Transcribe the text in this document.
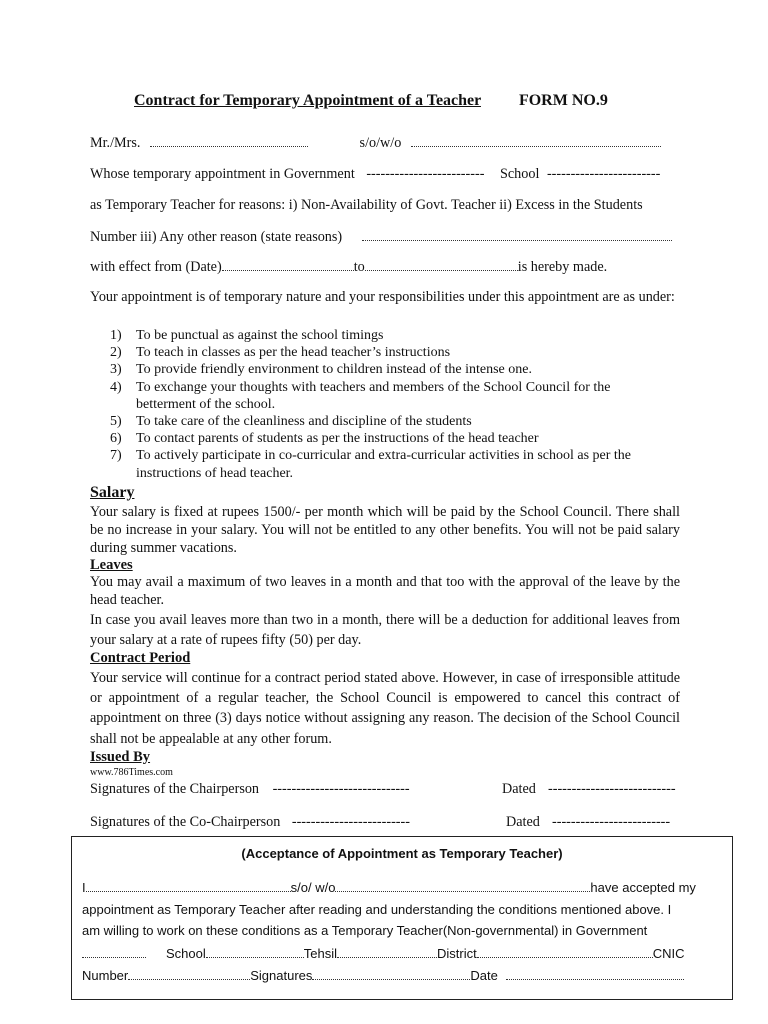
Contract for Temporary Appointment of a Teacher FORM NO.9
Mr./Mrs.	s/o/w/o
Whose temporary appointment in Government ------------------------- School ------------------------
as Temporary Teacher for reasons: i) Non-Availability of Govt. Teacher ii) Excess in the Students
Number iii) Any other reason (state reasons)
with effect from (Date)	to	is hereby made.
Your appointment is of temporary nature and your responsibilities under this appointment are as under:
1)	To be punctual as against the school timings
2)	To teach in classes as per the head teacher’s instructions
3)	To provide friendly environment to children instead of the intense one.
4)	To exchange your thoughts with teachers and members of the School Council for the betterment of the school.
5)	To take care of the cleanliness and discipline of the students
6)	To contact parents of students as per the instructions of the head teacher
7)	To actively participate in co-curricular and extra-curricular activities in school as per the instructions of head teacher.
Salary
Your salary is fixed at rupees 1500/- per month which will be paid by the School Council. There shall be no increase in your salary. You will not be entitled to any other benefits. You will not be paid salary during summer vacations.
Leaves

You may avail a maximum of two leaves in a month and that too with the approval of the leave by the head teacher.

In case you avail leaves more than two in a month, there will be a deduction for additional leaves from your salary at a rate of rupees fifty (50) per day.

Contract Period
Your service will continue for a contract period stated above. However, in case of irresponsible attitude or appointment of a regular teacher, the School Council is empowered to cancel this contract of appointment on three (3) days notice without assigning any reason. The decision of the School Council shall not be appealable at any other forum.
Issued By
www.786Times.com
Signatures of the Chairperson -----------------------------	Dated ---------------------------
Signatures of the Co-Chairperson -------------------------	Dated -------------------------
(Acceptance of Appointment as Temporary Teacher)
I	s/o/ w/o	have accepted my
appointment as Temporary Teacher after reading and understanding the conditions mentioned above. I
am willing to work on these conditions as a Temporary Teacher(Non-governmental) in Government
School	Tehsil	District	CNIC
Number	Signatures	Date
